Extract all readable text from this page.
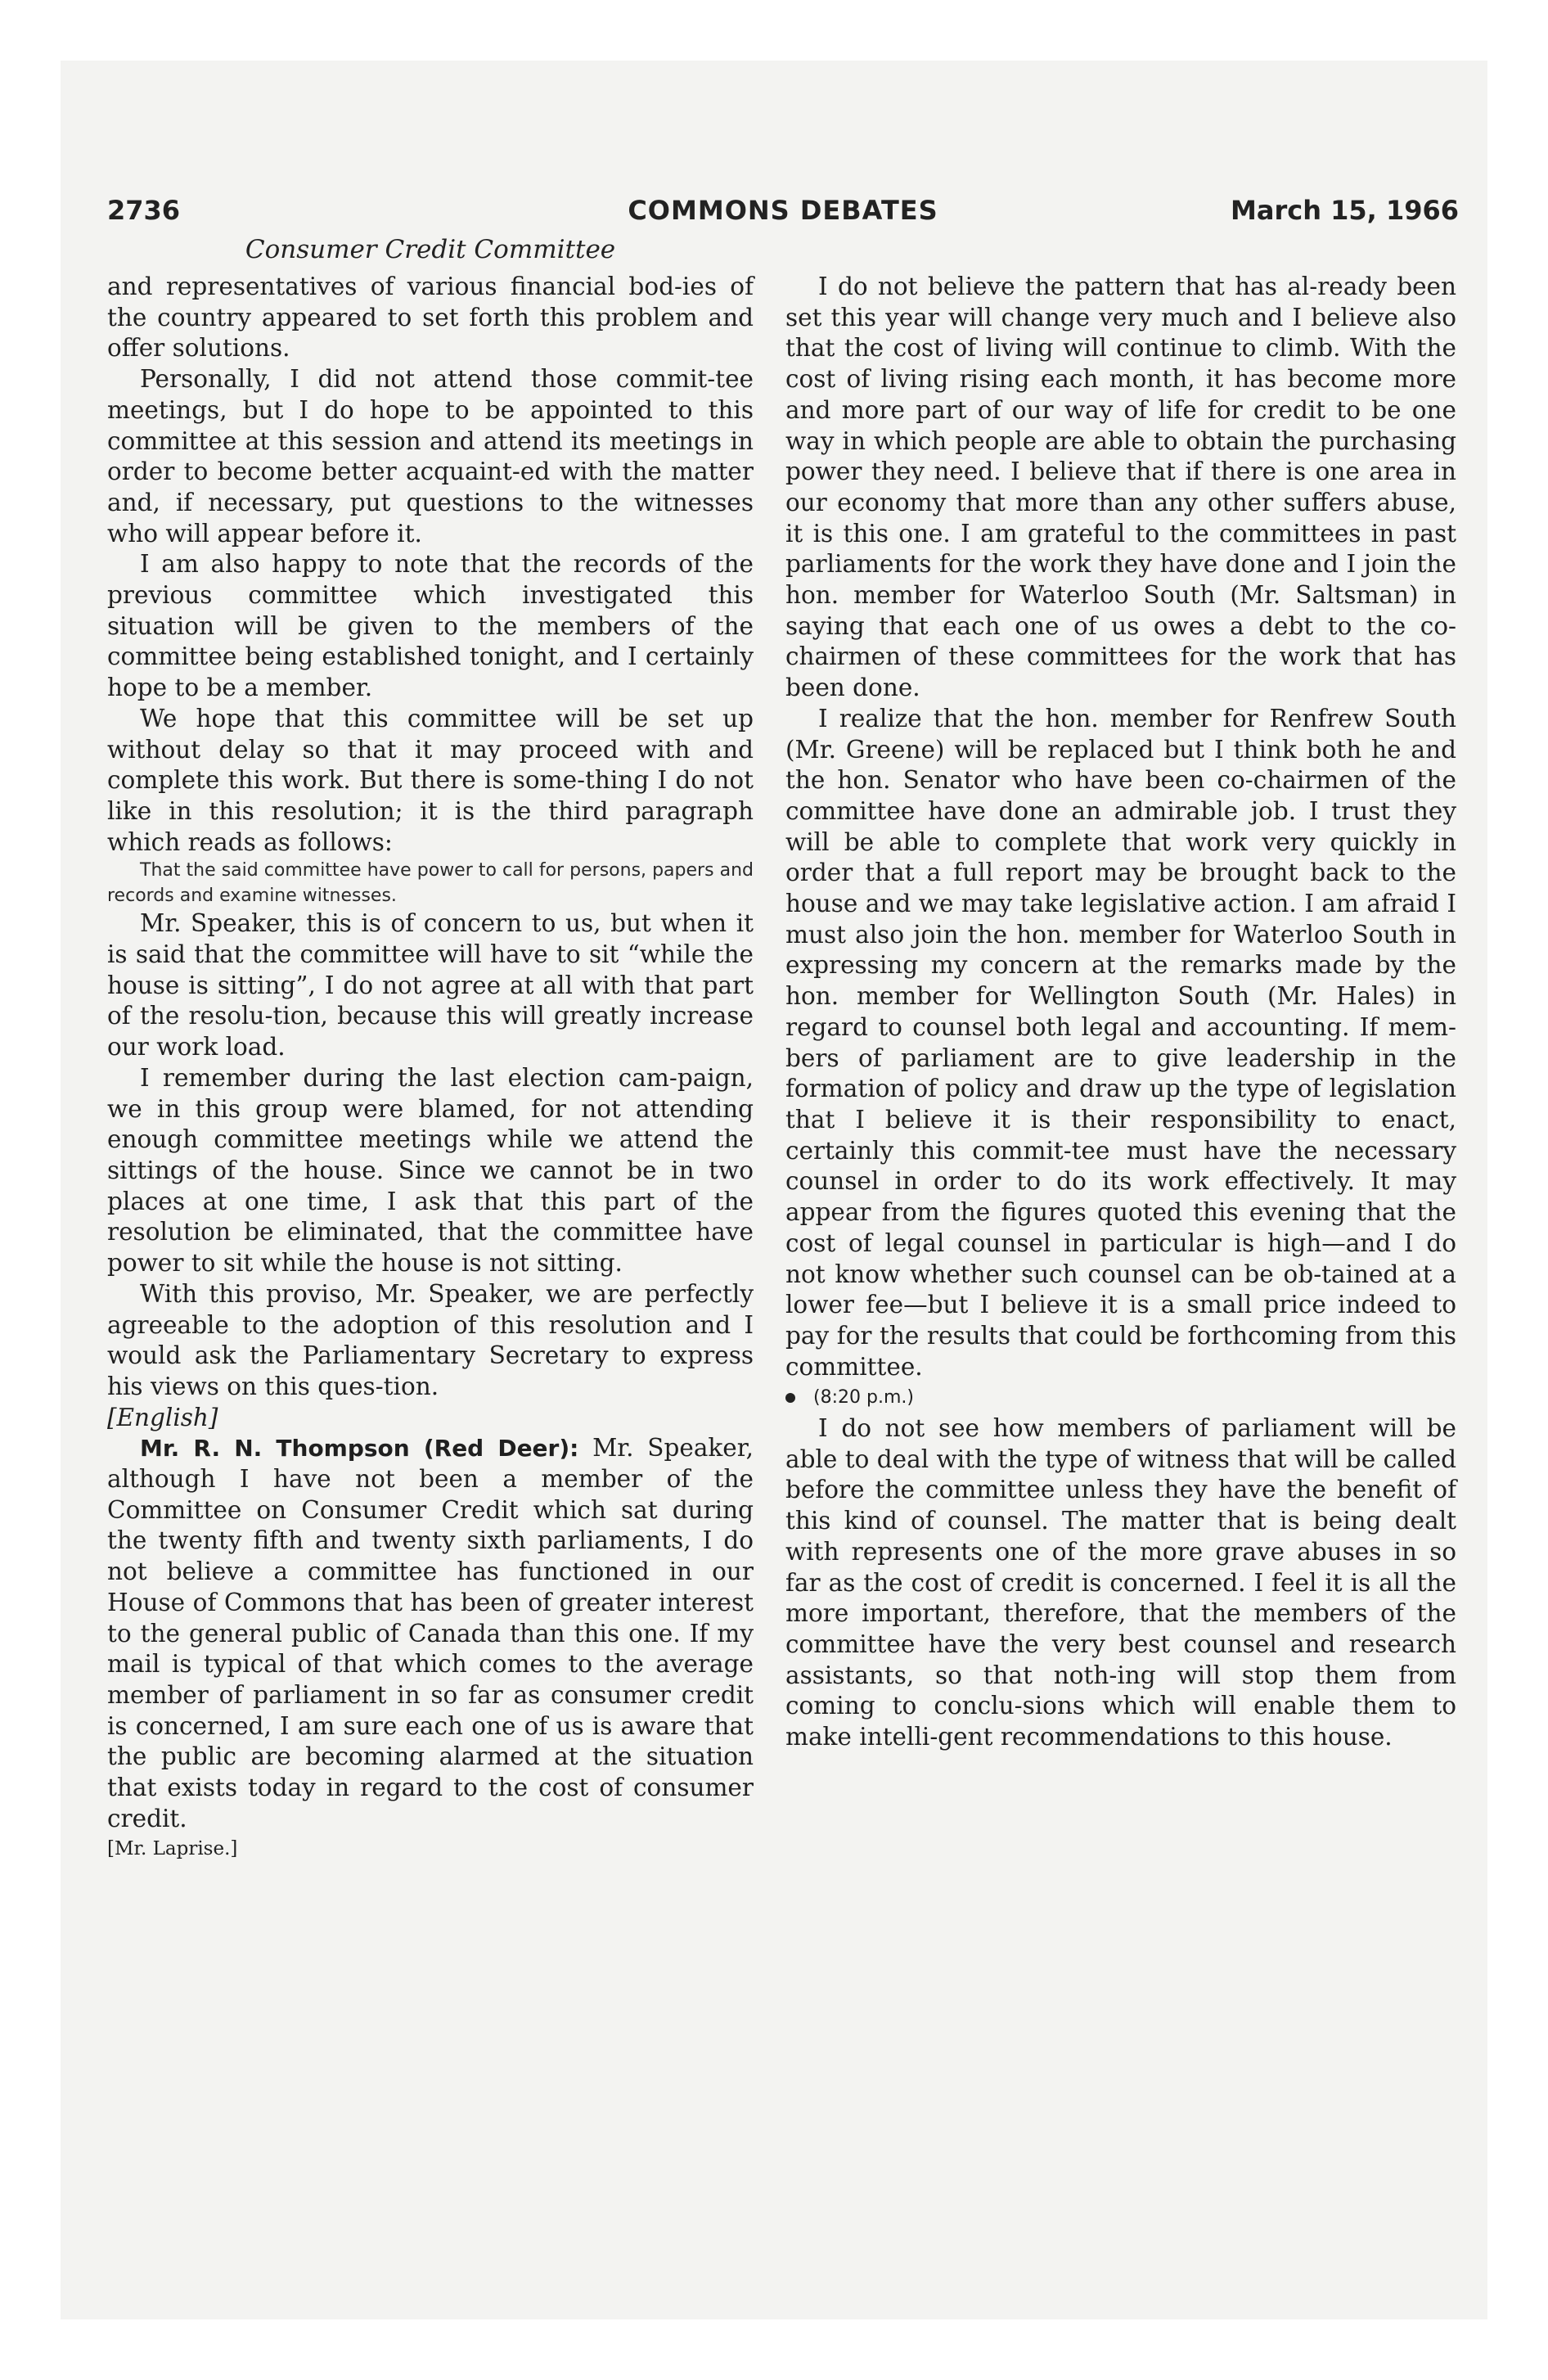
2736	COMMONS DEBATES	March 15, 1966
Consumer Credit Committee

and representatives of various financial bod-ies of the country appeared to set forth this problem and offer solutions.

Personally, I did not attend those commit-tee meetings, but I do hope to be appointed to this committee at this session and attend its meetings in order to become better acquaint-ed with the matter and, if necessary, put questions to the witnesses who will appear before it.

I am also happy to note that the records of the previous committee which investigated this situation will be given to the members of the committee being established tonight, and I certainly hope to be a member.

We hope that this committee will be set up without delay so that it may proceed with and complete this work. But there is some-thing I do not like in this resolution; it is the third paragraph which reads as follows:

That the said committee have power to call for persons, papers and records and examine witnesses.

Mr. Speaker, this is of concern to us, but when it is said that the committee will have to sit “while the house is sitting”, I do not agree at all with that part of the resolu-tion, because this will greatly increase our work load.

I remember during the last election cam-paign, we in this group were blamed, for not attending enough committee meetings while we attend the sittings of the house. Since we cannot be in two places at one time, I ask that this part of the resolution be eliminated, that the committee have power to sit while the house is not sitting.

With this proviso, Mr. Speaker, we are perfectly agreeable to the adoption of this resolution and I would ask the Parliamentary Secretary to express his views on this ques-tion.

[English]

Mr. R. N. Thompson (Red Deer): Mr. Speaker, although I have not been a member of the Committee on Consumer Credit which sat during the twenty fifth and twenty sixth parliaments, I do not believe a committee has functioned in our House of Commons that has been of greater interest to the general public of Canada than this one. If my mail is typical of that which comes to the average member of parliament in so far as consumer credit is concerned, I am sure each one of us is aware that the public are becoming alarmed at the situation that exists today in regard to the cost of consumer credit.

[Mr. Laprise.]

I do not believe the pattern that has al-ready been set this year will change very much and I believe also that the cost of living will continue to climb. With the cost of living rising each month, it has become more and more part of our way of life for credit to be one way in which people are able to obtain the purchasing power they need. I believe that if there is one area in our economy that more than any other suffers abuse, it is this one. I am grateful to the committees in past parliaments for the work they have done and I join the hon. member for Waterloo South (Mr. Saltsman) in saying that each one of us owes a debt to the co-chairmen of these committees for the work that has been done.

I realize that the hon. member for Renfrew South (Mr. Greene) will be replaced but I think both he and the hon. Senator who have been co-chairmen of the committee have done an admirable job. I trust they will be able to complete that work very quickly in order that a full report may be brought back to the house and we may take legislative action. I am afraid I must also join the hon. member for Waterloo South in expressing my concern at the remarks made by the hon. member for Wellington South (Mr. Hales) in regard to counsel both legal and accounting. If mem-bers of parliament are to give leadership in the formation of policy and draw up the type of legislation that I believe it is their responsibility to enact, certainly this commit-tee must have the necessary counsel in order to do its work effectively. It may appear from the figures quoted this evening that the cost of legal counsel in particular is high—and I do not know whether such counsel can be ob-tained at a lower fee—but I believe it is a small price indeed to pay for the results that could be forthcoming from this committee.

(8:20 p.m.)

I do not see how members of parliament will be able to deal with the type of witness that will be called before the committee unless they have the benefit of this kind of counsel. The matter that is being dealt with represents one of the more grave abuses in so far as the cost of credit is concerned. I feel it is all the more important, therefore, that the members of the committee have the very best counsel and research assistants, so that noth-ing will stop them from coming to conclu-sions which will enable them to make intelli-gent recommendations to this house.
